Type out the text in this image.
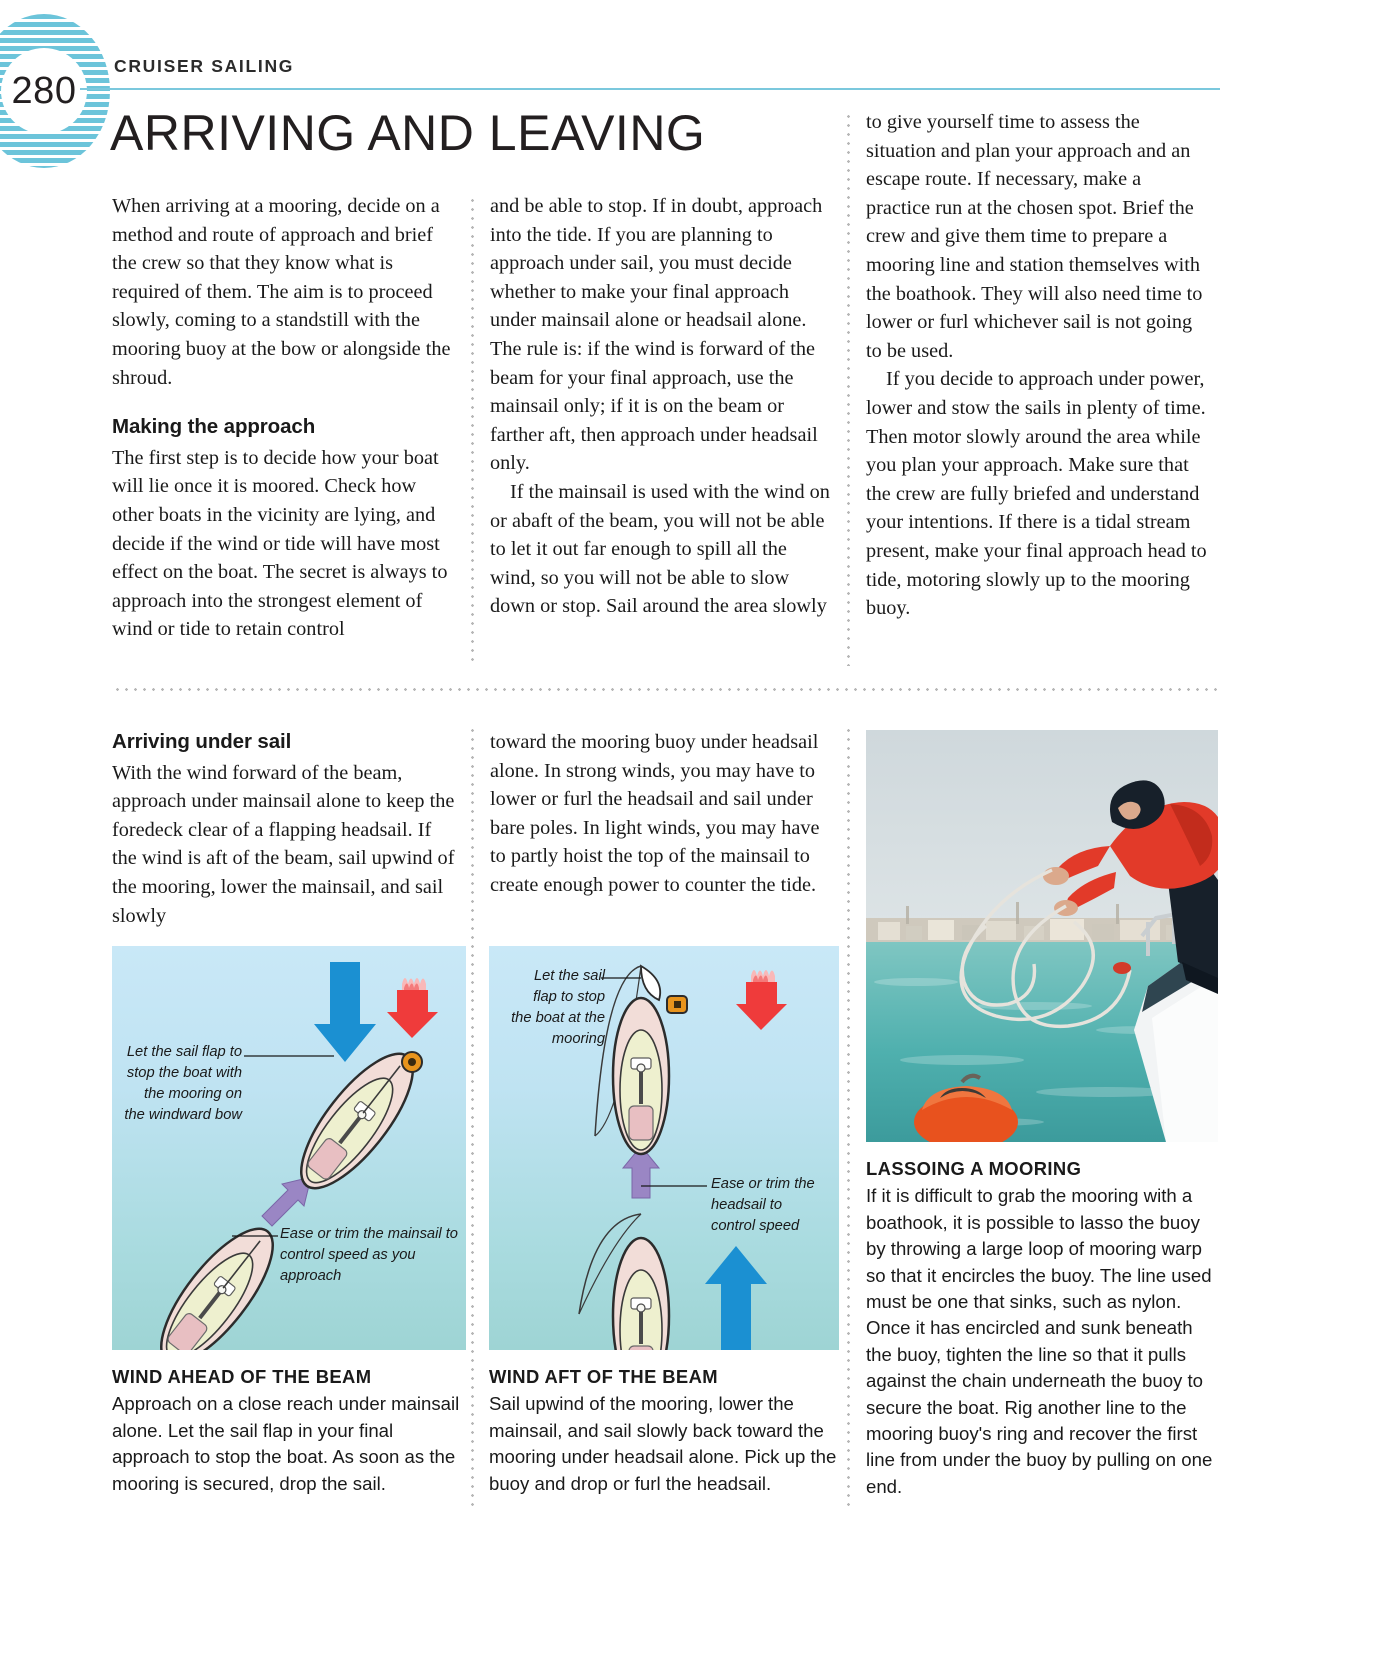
280
CRUISER SAILING
ARRIVING AND LEAVING

When arriving at a mooring, decide on a method and route of approach and brief the crew so that they know what is required of them. The aim is to proceed slowly, coming to a standstill with the mooring buoy at the bow or alongside the shroud.

Making the approach

The first step is to decide how your boat will lie once it is moored. Check how other boats in the vicinity are lying, and decide if the wind or tide will have most effect on the boat. The secret is always to approach into the strongest element of wind or tide to retain control

and be able to stop. If in doubt, approach into the tide. If you are planning to approach under sail, you must decide whether to make your final approach under mainsail alone or headsail alone. The rule is: if the wind is forward of the beam for your final approach, use the mainsail only; if it is on the beam or farther aft, then approach under headsail only.

If the mainsail is used with the wind on or abaft of the beam, you will not be able to let it out far enough to spill all the wind, so you will not be able to slow down or stop. Sail around the area slowly

to give yourself time to assess the situation and plan your approach and an escape route. If necessary, make a practice run at the chosen spot. Brief the crew and give them time to prepare a mooring line and station themselves with the boathook. They will also need time to lower or furl whichever sail is not going to be used.

If you decide to approach under power, lower and stow the sails in plenty of time. Then motor slowly around the area while you plan your approach. Make sure that the crew are fully briefed and understand your intentions. If there is a tidal stream present, make your final approach head to tide, motoring slowly up to the mooring buoy.

Arriving under sail

With the wind forward of the beam, approach under mainsail alone to keep the foredeck clear of a flapping headsail. If the wind is aft of the beam, sail upwind of the mooring, lower the mainsail, and sail slowly

toward the mooring buoy under headsail alone. In strong winds, you may have to lower or furl the headsail and sail under bare poles. In light winds, you may have to partly hoist the top of the mainsail to create enough power to counter the tide.

Let the sail flap to stop the boat with the mooring on the windward bow
Ease or trim the mainsail to control speed as you approach
Let the sail flap to stop the boat at the mooring
Ease or trim the headsail to control speed
WIND AHEAD OF THE BEAM
Approach on a close reach under mainsail alone. Let the sail flap in your final approach to stop the boat. As soon as the mooring is secured, drop the sail.
WIND AFT OF THE BEAM
Sail upwind of the mooring, lower the mainsail, and sail slowly back toward the mooring under headsail alone. Pick up the buoy and drop or furl the headsail.
LASSOING A MOORING
If it is difficult to grab the mooring with a boathook, it is possible to lasso the buoy by throwing a large loop of mooring warp so that it encircles the buoy. The line used must be one that sinks, such as nylon. Once it has encircled and sunk beneath the buoy, tighten the line so that it pulls against the chain underneath the buoy to secure the boat. Rig another line to the mooring buoy's ring and recover the first line from under the buoy by pulling on one end.
